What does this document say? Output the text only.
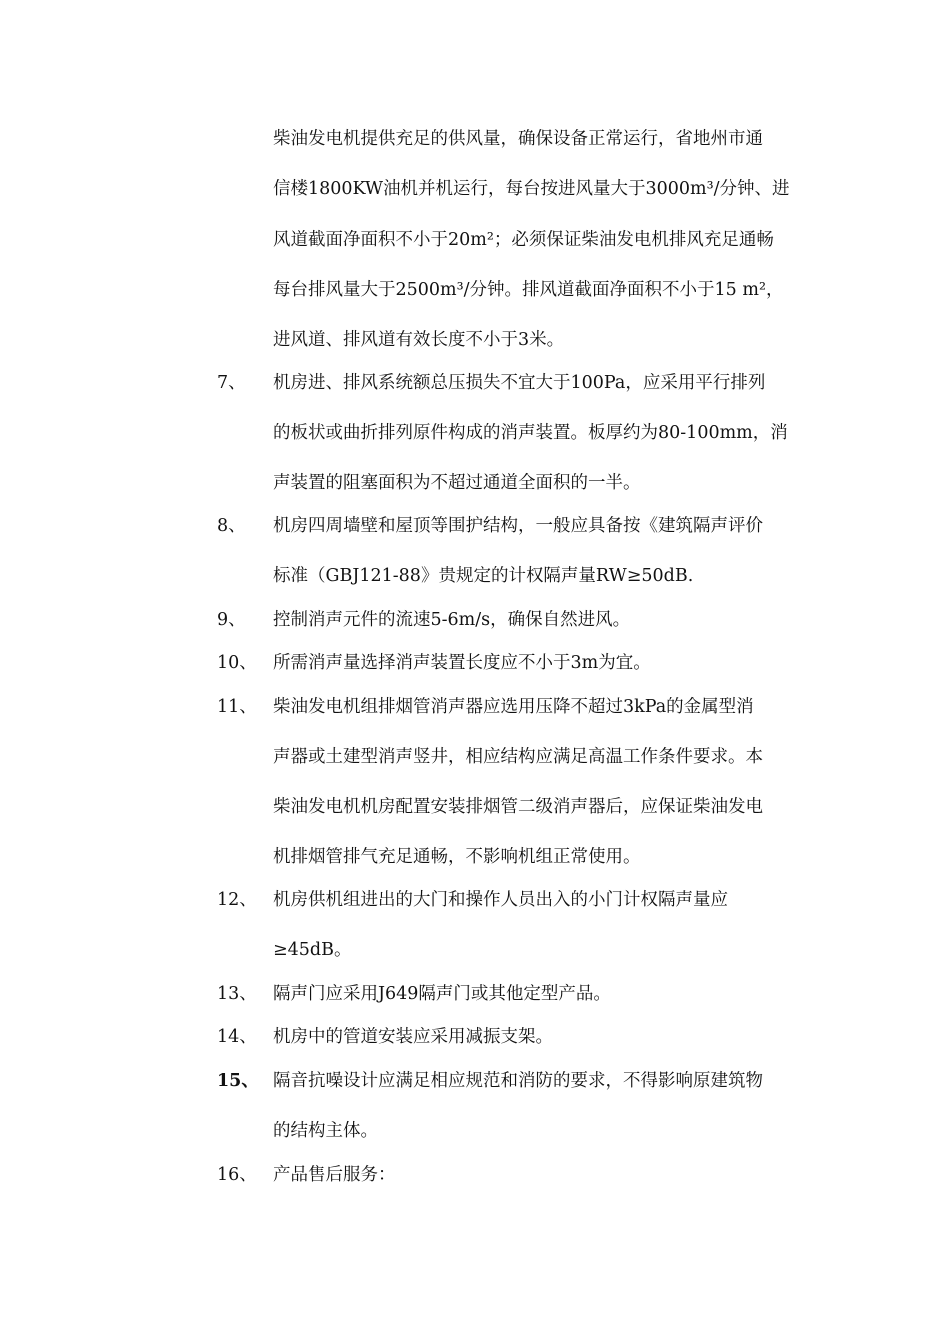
柴油发电机提供充足的供风量，确保设备正常运行，省地州市通
信楼1800KW油机并机运行，每台按进风量大于3000m³/分钟、进
风道截面净面积不小于20m²；必须保证柴油发电机排风充足通畅
每台排风量大于2500m³/分钟。排风道截面净面积不小于15 m²，
进风道、排风道有效长度不小于3米。
7、 机房进、排风系统额总压损失不宜大于100Pa，应采用平行排列
的板状或曲折排列原件构成的消声装置。板厚约为80-100mm，消
声装置的阻塞面积为不超过通道全面积的一半。
8、 机房四周墙壁和屋顶等围护结构，一般应具备按《建筑隔声评价
标准（GBJ121-88》贵规定的计权隔声量RW≥50dB.
9、 控制消声元件的流速5-6m/s，确保自然进风。
10、 所需消声量选择消声装置长度应不小于3m为宜。
11、 柴油发电机组排烟管消声器应选用压降不超过3kPa的金属型消
声器或土建型消声竖井，相应结构应满足高温工作条件要求。本
柴油发电机机房配置安装排烟管二级消声器后，应保证柴油发电
机排烟管排气充足通畅，不影响机组正常使用。
12、 机房供机组进出的大门和操作人员出入的小门计权隔声量应
≥45dB。
13、 隔声门应采用J649隔声门或其他定型产品。
14、 机房中的管道安装应采用减振支架。
15、 隔音抗噪设计应满足相应规范和消防的要求，不得影响原建筑物
的结构主体。
16、 产品售后服务：
